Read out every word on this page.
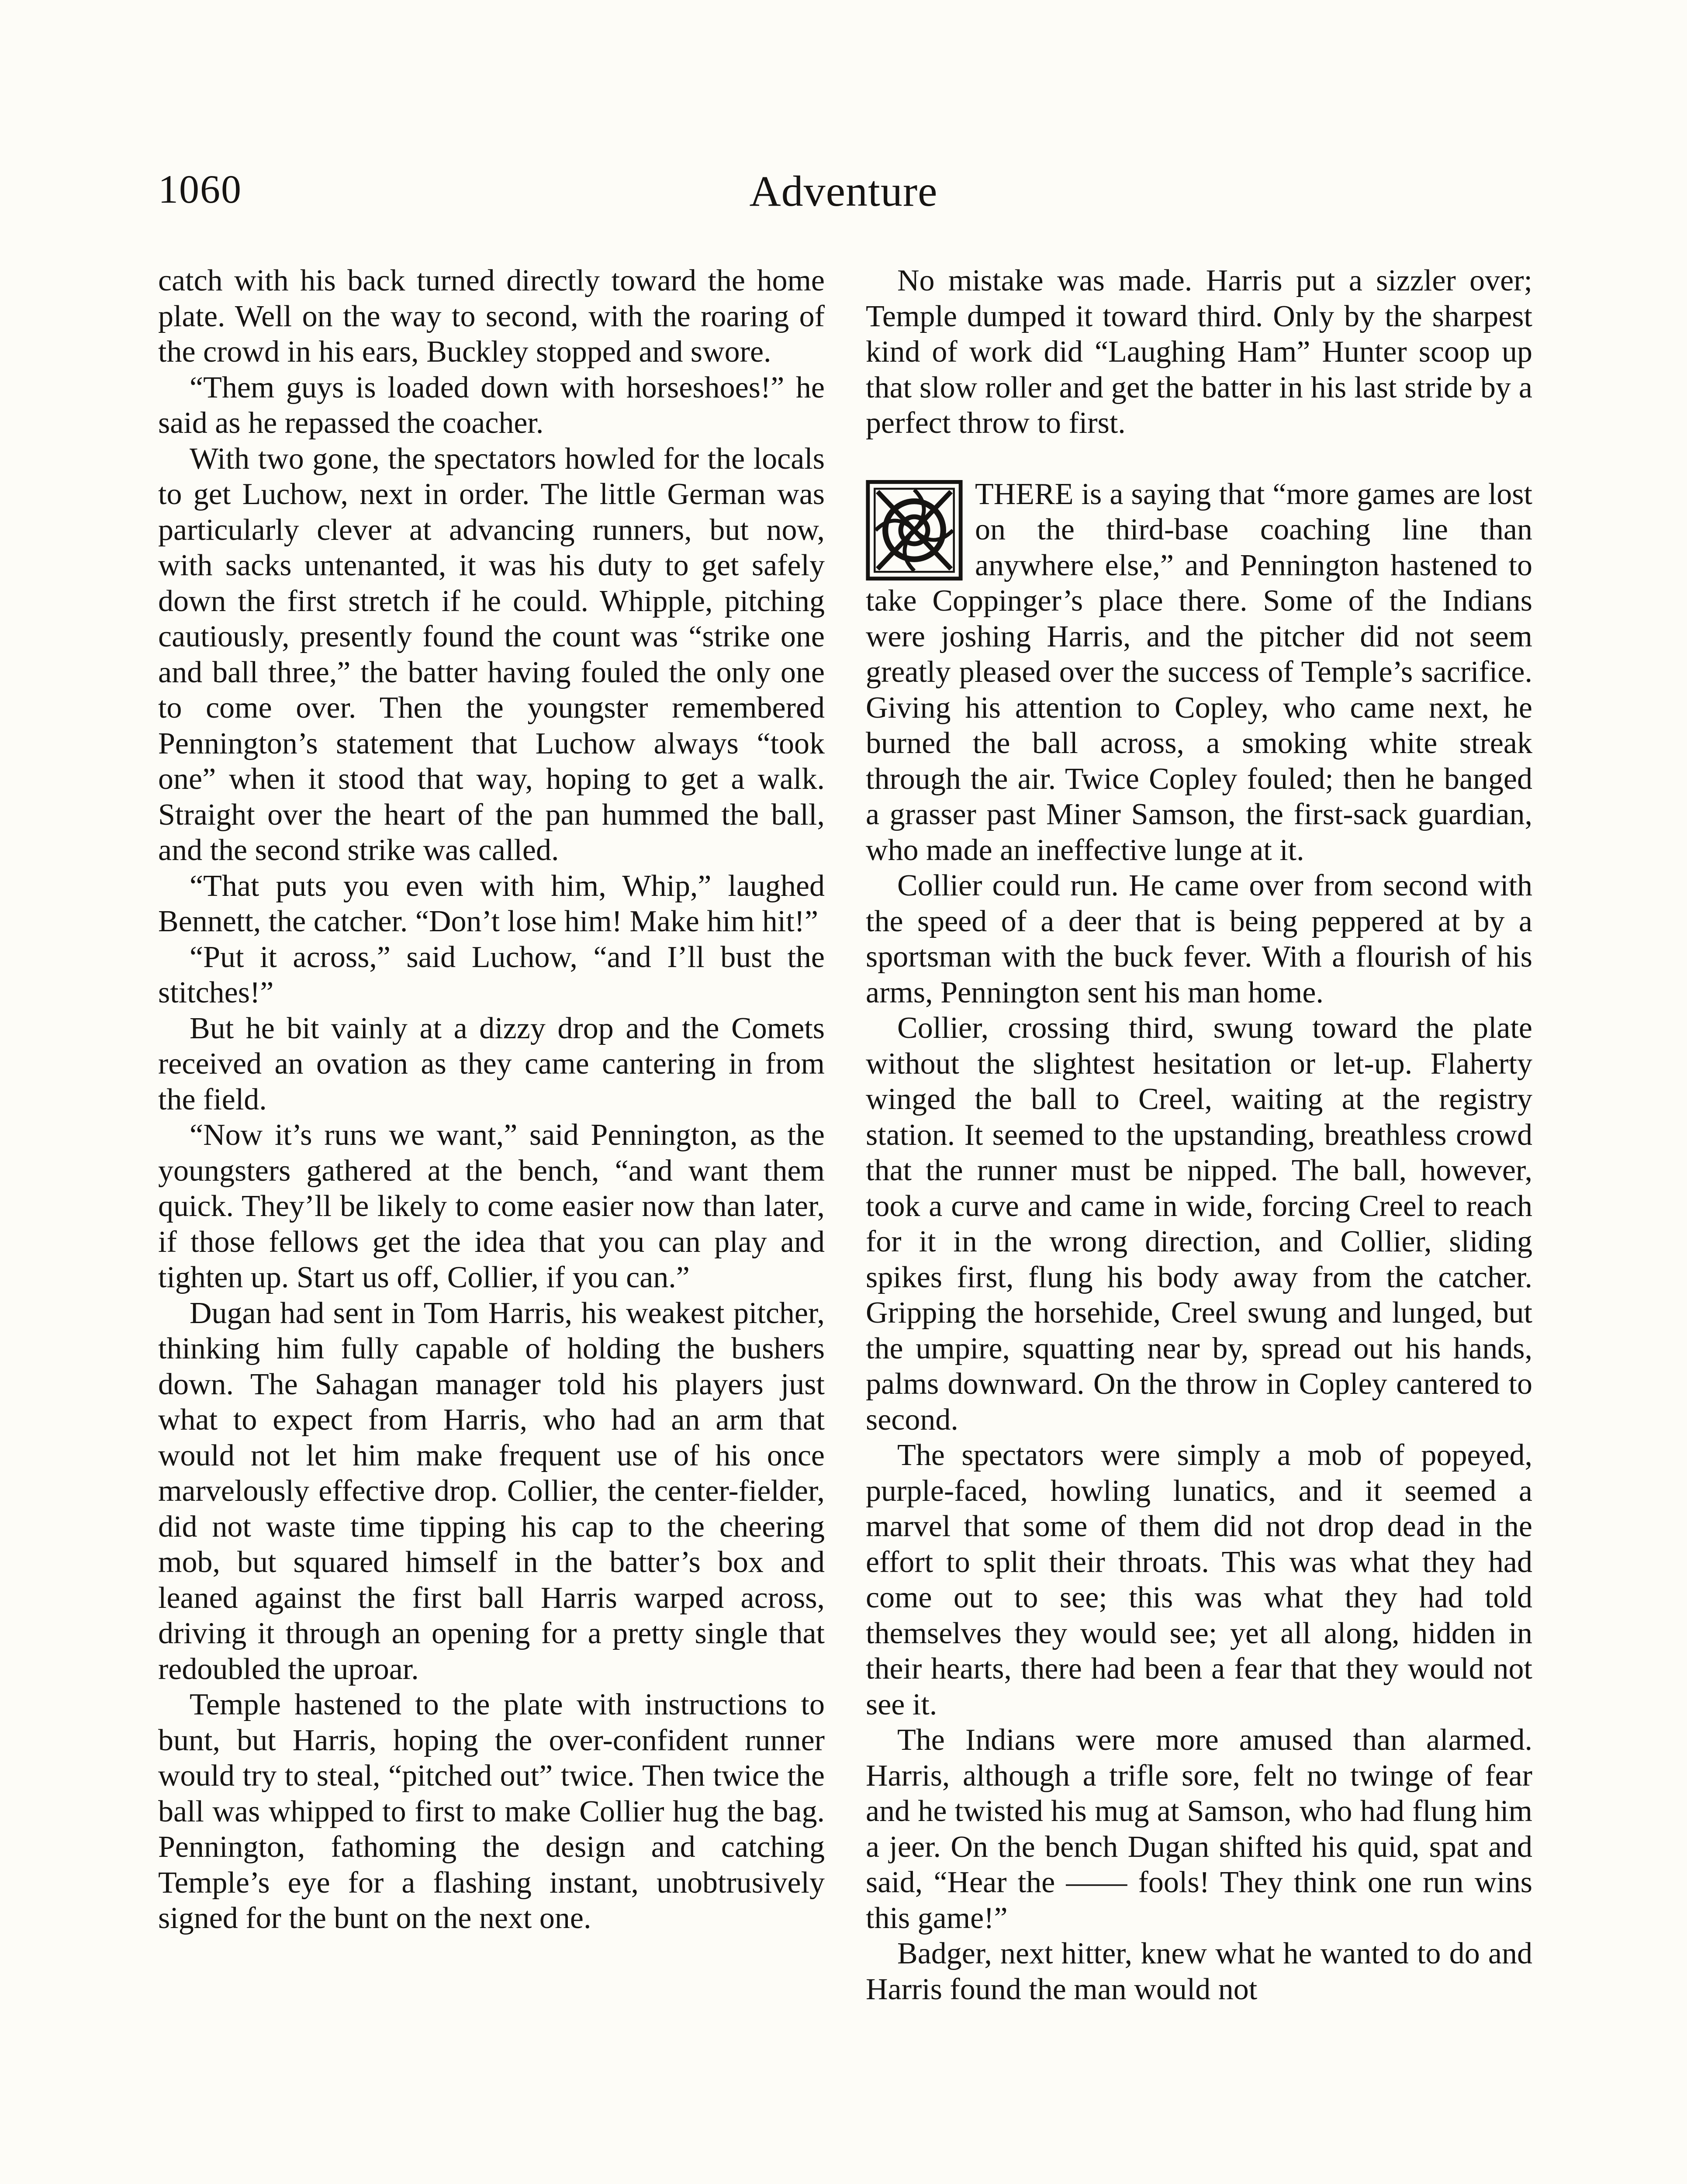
1060	Adventure

catch with his back turned directly toward the home plate. Well on the way to second, with the roaring of the crowd in his ears, Buckley stopped and swore.

“Them guys is loaded down with horseshoes!” he said as he repassed the coacher.

With two gone, the spectators howled for the locals to get Luchow, next in order. The little German was particularly clever at advancing runners, but now, with sacks untenanted, it was his duty to get safely down the first stretch if he could. Whipple, pitching cautiously, presently found the count was “strike one and ball three,” the batter having fouled the only one to come over. Then the youngster remembered Pennington’s statement that Luchow always “took one” when it stood that way, hoping to get a walk. Straight over the heart of the pan hummed the ball, and the second strike was called.

“That puts you even with him, Whip,” laughed Bennett, the catcher. “Don’t lose him! Make him hit!”

“Put it across,” said Luchow, “and I’ll bust the stitches!”

But he bit vainly at a dizzy drop and the Comets received an ovation as they came cantering in from the field.

“Now it’s runs we want,” said Pennington, as the youngsters gathered at the bench, “and want them quick. They’ll be likely to come easier now than later, if those fellows get the idea that you can play and tighten up. Start us off, Collier, if you can.”

Dugan had sent in Tom Harris, his weakest pitcher, thinking him fully capable of holding the bushers down. The Sahagan manager told his players just what to expect from Harris, who had an arm that would not let him make frequent use of his once marvelously effective drop. Collier, the center-fielder, did not waste time tipping his cap to the cheering mob, but squared himself in the batter’s box and leaned against the first ball Harris warped across, driving it through an opening for a pretty single that redoubled the uproar.

Temple hastened to the plate with instructions to bunt, but Harris, hoping the over-confident runner would try to steal, “pitched out” twice. Then twice the ball was whipped to first to make Collier hug the bag. Pennington, fathoming the design and catching Temple’s eye for a flashing instant, unobtrusively signed for the bunt on the next one.

No mistake was made. Harris put a sizzler over; Temple dumped it toward third. Only by the sharpest kind of work did “Laughing Ham” Hunter scoop up that slow roller and get the batter in his last stride by a perfect throw to first.

THERE is a saying that “more games are lost on the third-base coaching line than anywhere else,” and Pennington hastened to take Coppinger’s place there. Some of the Indians were joshing Harris, and the pitcher did not seem greatly pleased over the success of Temple’s sacrifice. Giving his attention to Copley, who came next, he burned the ball across, a smoking white streak through the air. Twice Copley fouled; then he banged a grasser past Miner Samson, the first-sack guardian, who made an ineffective lunge at it.

Collier could run. He came over from second with the speed of a deer that is being peppered at by a sportsman with the buck fever. With a flourish of his arms, Pennington sent his man home.

Collier, crossing third, swung toward the plate without the slightest hesitation or let-up. Flaherty winged the ball to Creel, waiting at the registry station. It seemed to the upstanding, breathless crowd that the runner must be nipped. The ball, however, took a curve and came in wide, forcing Creel to reach for it in the wrong direction, and Collier, sliding spikes first, flung his body away from the catcher. Gripping the horsehide, Creel swung and lunged, but the umpire, squatting near by, spread out his hands, palms downward. On the throw in Copley cantered to second.

The spectators were simply a mob of popeyed, purple-faced, howling lunatics, and it seemed a marvel that some of them did not drop dead in the effort to split their throats. This was what they had come out to see; this was what they had told themselves they would see; yet all along, hidden in their hearts, there had been a fear that they would not see it.

The Indians were more amused than alarmed. Harris, although a trifle sore, felt no twinge of fear and he twisted his mug at Samson, who had flung him a jeer. On the bench Dugan shifted his quid, spat and said, “Hear the —— fools! They think one run wins this game!”

Badger, next hitter, knew what he wanted to do and Harris found the man would not
